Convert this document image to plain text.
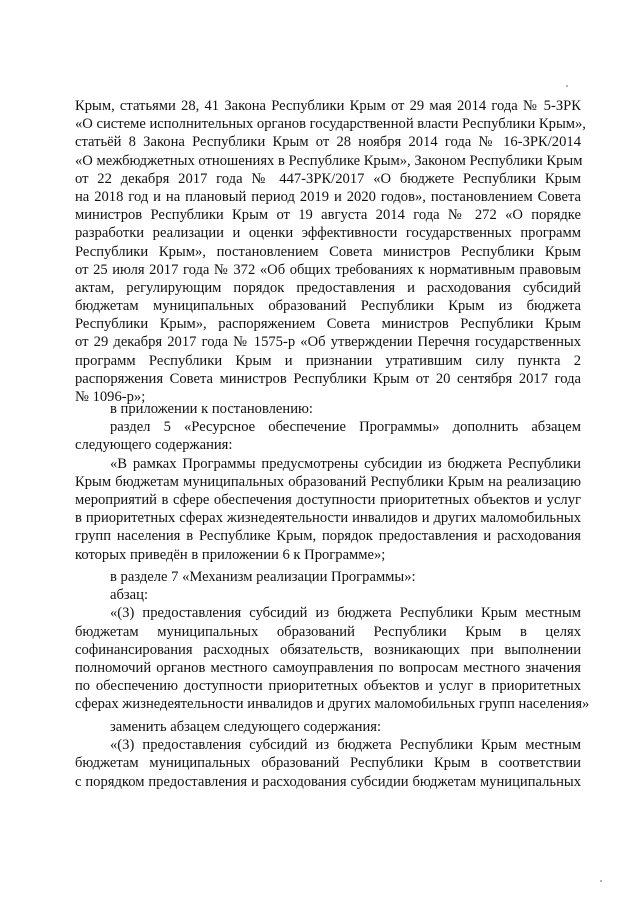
Крым, статьями 28, 41 Закона Республики Крым от 29 мая 2014 года № 5-ЗРК
«О системе исполнительных органов государственной власти Республики Крым»,
статьёй 8 Закона Республики Крым от 28 ноября 2014 года № 16-ЗРК/2014
«О межбюджетных отношениях в Республике Крым», Законом Республики Крым
от 22 декабря 2017 года № 447-ЗРК/2017 «О бюджете Республики Крым
на 2018 год и на плановый период 2019 и 2020 годов», постановлением Совета
министров Республики Крым от 19 августа 2014 года № 272 «О порядке
разработки реализации и оценки эффективности государственных программ
Республики Крым», постановлением Совета министров Республики Крым
от 25 июля 2017 года № 372 «Об общих требованиях к нормативным правовым
актам, регулирующим порядок предоставления и расходования субсидий
бюджетам муниципальных образований Республики Крым из бюджета
Республики Крым», распоряжением Совета министров Республики Крым
от 29 декабря 2017 года № 1575-р «Об утверждении Перечня государственных
программ Республики Крым и признании утратившим силу пункта 2
распоряжения Совета министров Республики Крым от 20 сентября 2017 года
№ 1096-р»;
в приложении к постановлению:
раздел 5 «Ресурсное обеспечение Программы» дополнить абзацем
следующего содержания:
«В рамках Программы предусмотрены субсидии из бюджета Республики
Крым бюджетам муниципальных образований Республики Крым на реализацию
мероприятий в сфере обеспечения доступности приоритетных объектов и услуг
в приоритетных сферах жизнедеятельности инвалидов и других маломобильных
групп населения в Республике Крым, порядок предоставления и расходования
которых приведён в приложении 6 к Программе»;
в разделе 7 «Механизм реализации Программы»:
абзац:
«(3) предоставления субсидий из бюджета Республики Крым местным
бюджетам муниципальных образований Республики Крым в целях
софинансирования расходных обязательств, возникающих при выполнении
полномочий органов местного самоуправления по вопросам местного значения
по обеспечению доступности приоритетных объектов и услуг в приоритетных
сферах жизнедеятельности инвалидов и других маломобильных групп населения»
заменить абзацем следующего содержания:
«(3) предоставления субсидий из бюджета Республики Крым местным
бюджетам муниципальных образований Республики Крым в соответствии
с порядком предоставления и расходования субсидии бюджетам муниципальных
